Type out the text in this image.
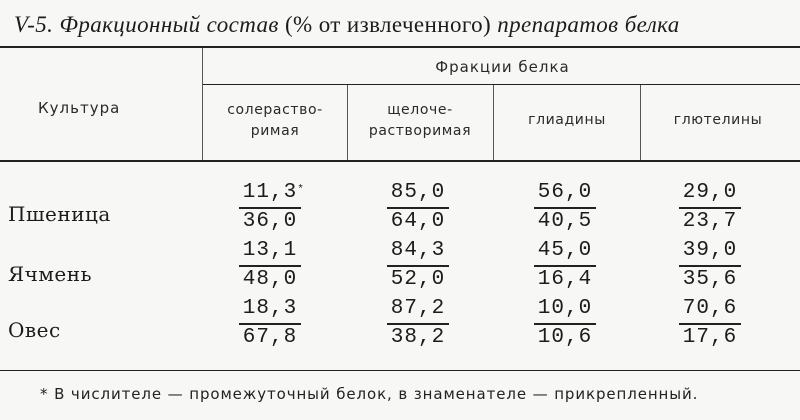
V-5. Фракционный состав (% от извлеченного) препаратов белка
Культура
Фракции белка
солераство-
римая
щелоче-
растворимая
глиадины	глютелины
Пшеница
Ячмень
Овес
11,3 *
36,0
85,0
64,0
56,0
40,5
29,0
23,7
13,1
48,0
84,3
52,0
45,0
16,4
39,0
35,6
18,3
67,8
87,2
38,2
10,0
10,6
70,6
17,6
* В числителе — промежуточный белок, в знаменателе — прикрепленный.
